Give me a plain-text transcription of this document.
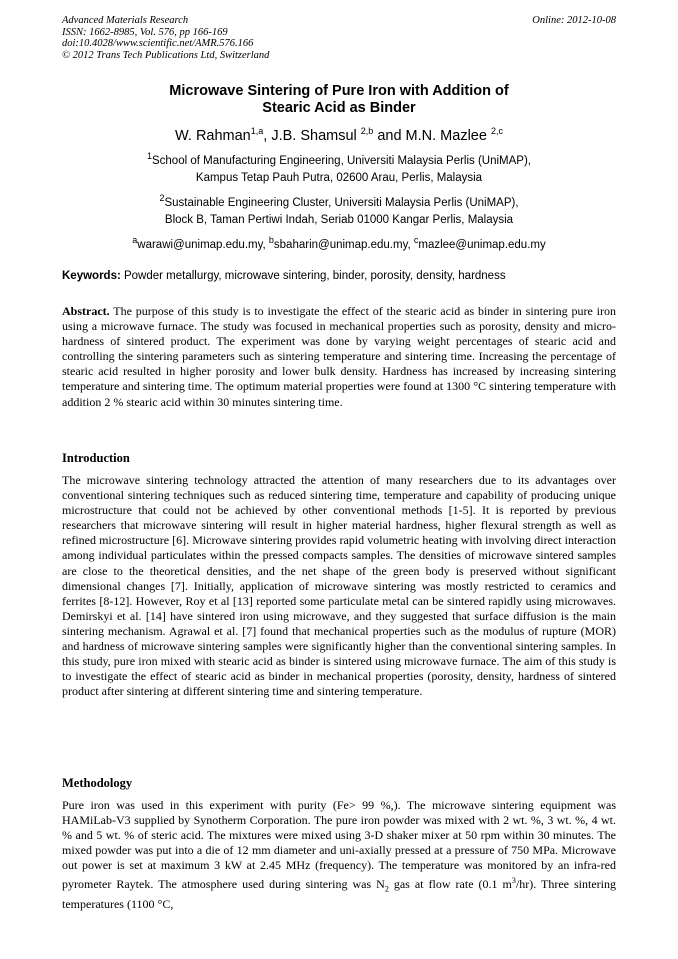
Advanced Materials Research
ISSN: 1662-8985, Vol. 576, pp 166-169
doi:10.4028/www.scientific.net/AMR.576.166
© 2012 Trans Tech Publications Ltd, Switzerland
Online: 2012-10-08
Microwave Sintering of Pure Iron with Addition of
Stearic Acid as Binder
W. Rahman$^{1,a}$, J.B. Shamsul $^{2,b}$ and M.N. Mazlee $^{2,c}$
$^1$School of Manufacturing Engineering, Universiti Malaysia Perlis (UniMAP),
Kampus Tetap Pauh Putra, 02600 Arau, Perlis, Malaysia
$^2$Sustainable Engineering Cluster, Universiti Malaysia Perlis (UniMAP),
Block B, Taman Pertiwi Indah, Seriab 01000 Kangar Perlis, Malaysia
$^a$warawi@unimap.edu.my, $^b$sbaharin@unimap.edu.my, $^c$mazlee@unimap.edu.my
Keywords: Powder metallurgy, microwave sintering, binder, porosity, density, hardness

Abstract. The purpose of this study is to investigate the effect of the stearic acid as binder in sintering pure iron using a microwave furnace. The study was focused in mechanical properties such as porosity, density and micro-hardness of sintered product. The experiment was done by varying weight percentages of stearic acid and controlling the sintering parameters such as sintering temperature and sintering time. Increasing the percentage of stearic acid resulted in higher porosity and lower bulk density. Hardness has increased by increasing sintering temperature and sintering time. The optimum material properties were found at 1300 °C sintering temperature with addition 2 % stearic acid within 30 minutes sintering time.

Introduction

The microwave sintering technology attracted the attention of many researchers due to its advantages over conventional sintering techniques such as reduced sintering time, temperature and capability of producing unique microstructure that could not be achieved by other conventional methods [1-5]. It is reported by previous researchers that microwave sintering will result in higher material hardness, higher flexural strength as well as refined microstructure [6]. Microwave sintering provides rapid volumetric heating with involving direct interaction among individual particulates within the pressed compacts samples. The densities of microwave sintered samples are close to the theoretical densities, and the net shape of the green body is preserved without significant dimensional changes [7]. Initially, application of microwave sintering was mostly restricted to ceramics and ferrites [8-12]. However, Roy et al [13] reported some particulate metal can be sintered rapidly using microwaves. Demirskyi et al. [14] have sintered iron using microwave, and they suggested that surface diffusion is the main sintering mechanism. Agrawal et al. [7] found that mechanical properties such as the modulus of rupture (MOR) and hardness of microwave sintering samples were significantly higher than the conventional sintering samples. In this study, pure iron mixed with stearic acid as binder is sintered using microwave furnace. The aim of this study is to investigate the effect of stearic acid as binder in mechanical properties (porosity, density, hardness of sintered product after sintering at different sintering time and sintering temperature.

Methodology

Pure iron was used in this experiment with purity (Fe> 99 %,). The microwave sintering equipment was HAMiLab-V3 supplied by Synotherm Corporation. The pure iron powder was mixed with 2 wt. %, 3 wt. %, 4 wt. % and 5 wt. % of steric acid. The mixtures were mixed using 3-D shaker mixer at 50 rpm within 30 minutes. The mixed powder was put into a die of 12 mm diameter and uni-axially pressed at a pressure of 750 MPa. Microwave out power is set at maximum 3 kW at 2.45 MHz (frequency). The temperature was monitored by an infra-red pyrometer Raytek. The atmosphere used during sintering was $N_2$ gas at flow rate (0.1 $m^3/hr$). Three sintering temperatures (1100 °C,
